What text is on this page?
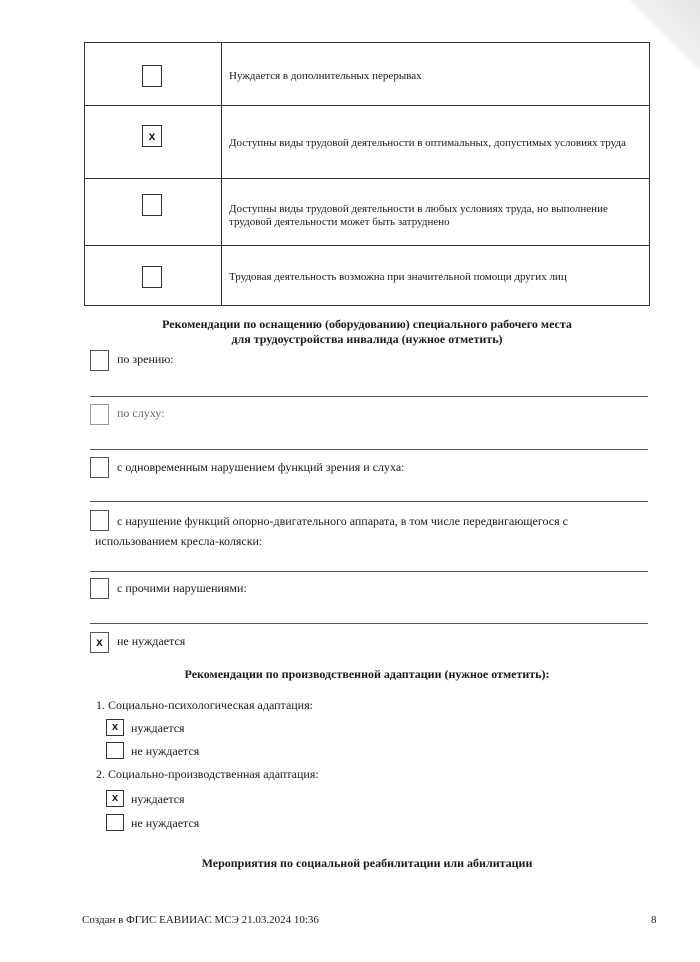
Нуждается в дополнительных перерывах
x	Доступны виды трудовой деятельности в оптимальных, допустимых условиях труда
Доступны виды трудовой деятельности в любых условиях труда, но выполнение трудовой деятельности может быть затруднено
Трудовая деятельность возможна при значительной помощи других лиц
Рекомендации по оснащению (оборудованию) специального рабочего места
для трудоустройства инвалида (нужное отметить)
по зрению:
по слуху:
с одновременным нарушением функций зрения и слуха:
с нарушение функций опорно-двигательного аппарата, в том числе передвигающегося с
использованием кресла-коляски:
с прочими нарушениями:
x	не нуждается
Рекомендации по производственной адаптации (нужное отметить):
1. Социально-психологическая адаптация:
x	нуждается
не нуждается
2. Социально-производственная адаптация:
x	нуждается
не нуждается
Мероприятия по социальной реабилитации или абилитации
Создан в ФГИС ЕАВИИАС МСЭ 21.03.2024 10:36	8
